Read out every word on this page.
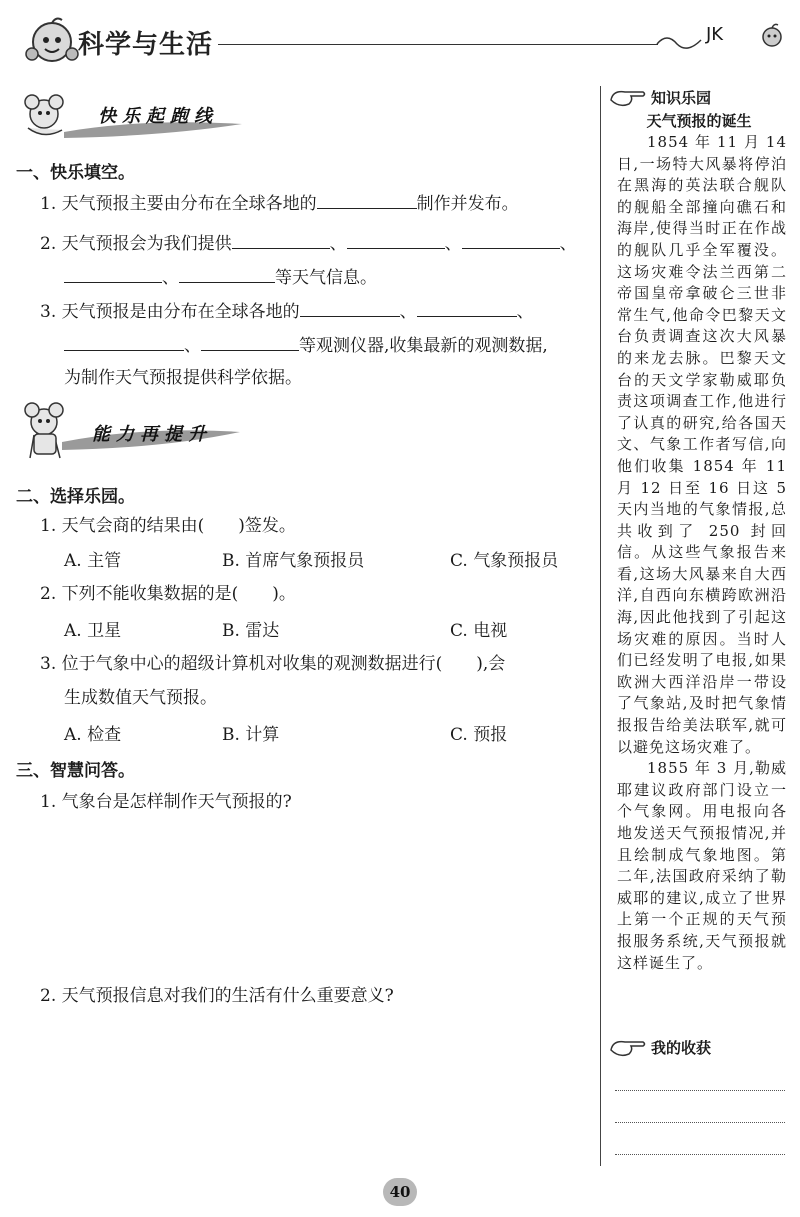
科学与生活	JK
快乐起跑线
一、快乐填空。
1. 天气预报主要由分布在全球各地的	制作并发布。
2. 天气预报会为我们提供	、	、	、
、	等天气信息。
3. 天气预报是由分布在全球各地的	、	、
、	等观测仪器,收集最新的观测数据,
为制作天气预报提供科学依据。
能力再提升
二、选择乐园。
1. 天气会商的结果由(　　)签发。
A. 主管	B. 首席气象预报员	C. 气象预报员
2. 下列不能收集数据的是(　　)。
A. 卫星	B. 雷达	C. 电视
3. 位于气象中心的超级计算机对收集的观测数据进行(　　),会
生成数值天气预报。
A. 检查	B. 计算	C. 预报
三、智慧问答。
1. 气象台是怎样制作天气预报的?
2. 天气预报信息对我们的生活有什么重要意义?
知识乐园
天气预报的诞生

1854 年 11 月 14 日,一场特大风暴将停泊在黑海的英法联合舰队的舰船全部撞向礁石和海岸,使得当时正在作战的舰队几乎全军覆没。这场灾难令法兰西第二帝国皇帝拿破仑三世非常生气,他命令巴黎天文台负责调查这次大风暴的来龙去脉。巴黎天文台的天文学家勒威耶负责这项调查工作,他进行了认真的研究,给各国天文、气象工作者写信,向他们收集 1854 年 11 月 12 日至 16 日这 5 天内当地的气象情报,总共收到了 250 封回信。从这些气象报告来看,这场大风暴来自大西洋,自西向东横跨欧洲沿海,因此他找到了引起这场灾难的原因。当时人们已经发明了电报,如果欧洲大西洋沿岸一带设了气象站,及时把气象情报报告给美法联军,就可以避免这场灾难了。

1855 年 3 月,勒威耶建议政府部门设立一个气象网。用电报向各地发送天气预报情况,并且绘制成气象地图。第二年,法国政府采纳了勒威耶的建议,成立了世界上第一个正规的天气预报服务系统,天气预报就这样诞生了。

我的收获
40
